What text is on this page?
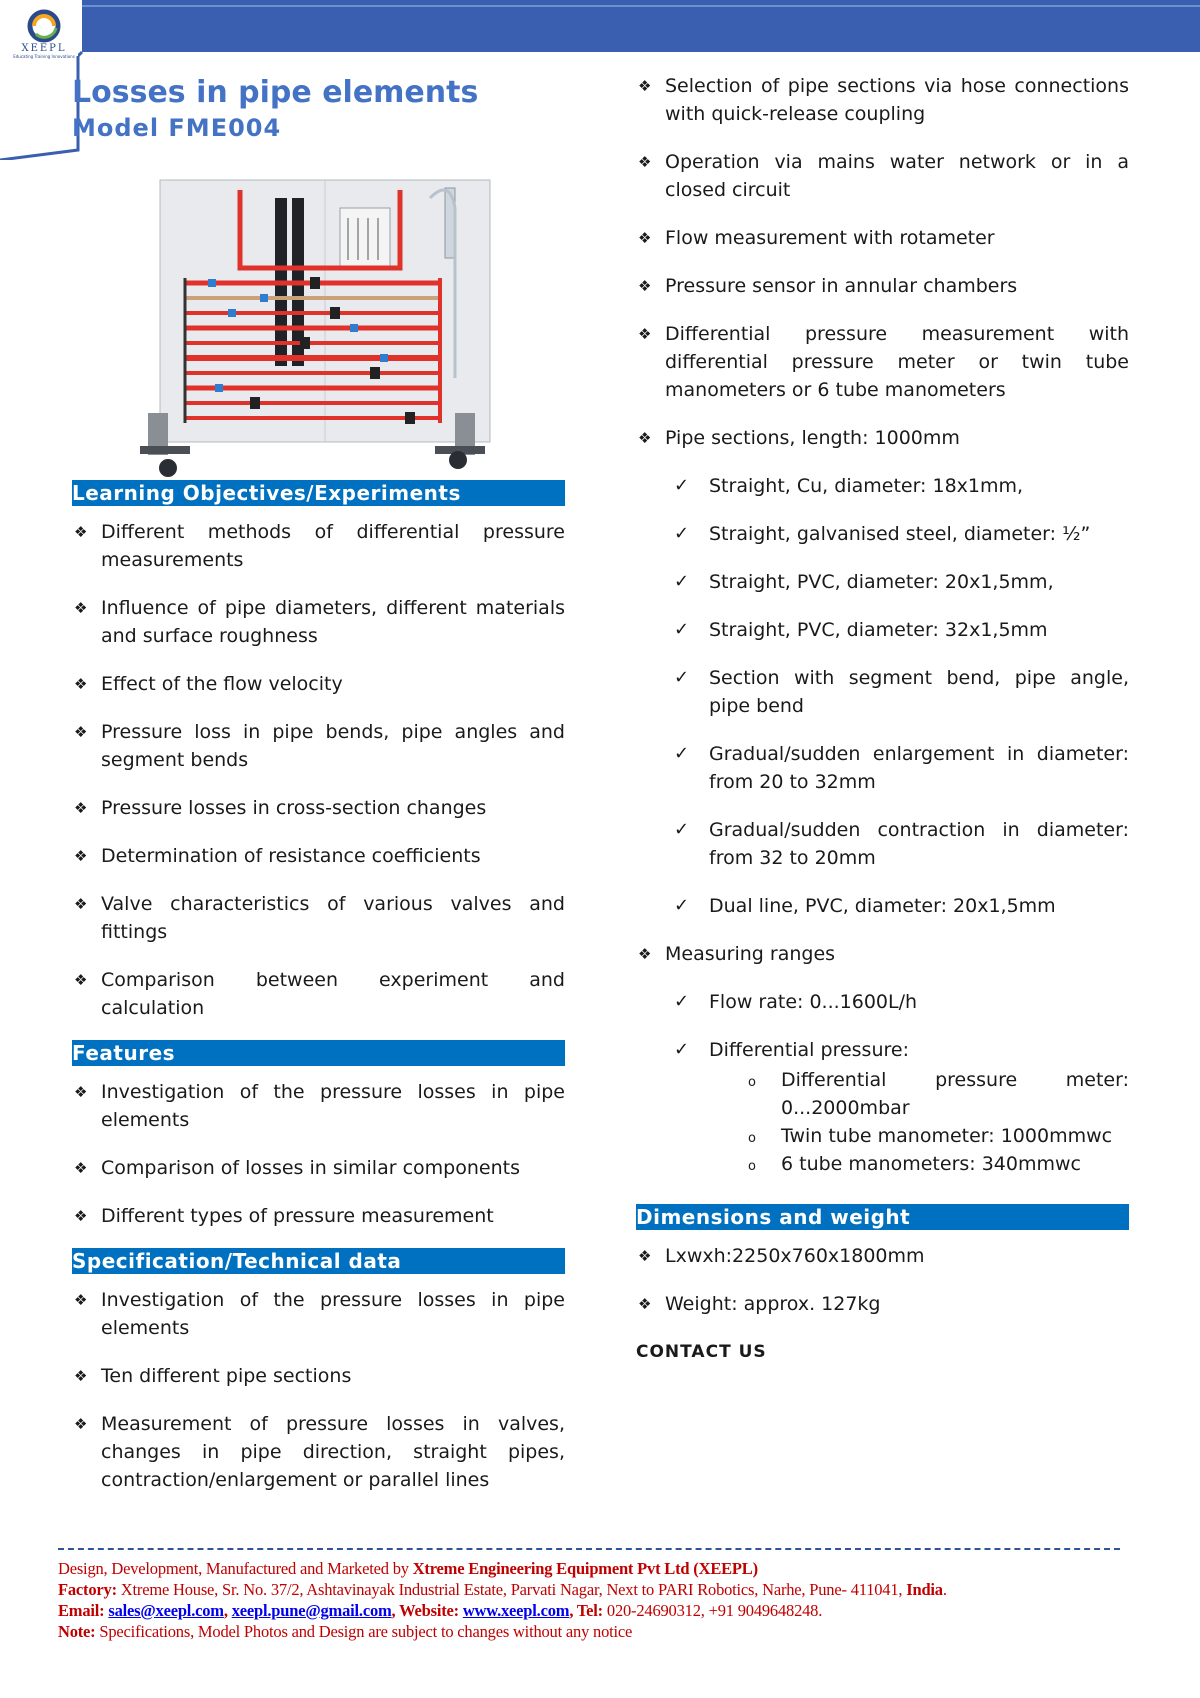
XEEPL
Educating Training Innovations
Losses in pipe elements
Model FME004
Learning Objectives/Experiments
❖ Different methods of differential pressure measurements
❖ Influence of pipe diameters, different materials and surface roughness
❖ Effect of the flow velocity
❖ Pressure loss in pipe bends, pipe angles and segment bends
❖ Pressure losses in cross-section changes
❖ Determination of resistance coefficients
❖ Valve characteristics of various valves and fittings
❖ Comparison between experiment and calculation
Features
❖ Investigation of the pressure losses in pipe elements
❖ Comparison of losses in similar components
❖ Different types of pressure measurement
Specification/Technical data
❖ Investigation of the pressure losses in pipe elements
❖ Ten different pipe sections
❖ Measurement of pressure losses in valves, changes in pipe direction, straight pipes, contraction/enlargement or parallel lines
❖ Selection of pipe sections via hose connections with quick-release coupling
❖ Operation via mains water network or in a closed circuit
❖ Flow measurement with rotameter
❖ Pressure sensor in annular chambers
❖ Differential pressure measurement with differential pressure meter or twin tube manometers or 6 tube manometers
❖ Pipe sections, length: 1000mm
✓ Straight, Cu, diameter: 18x1mm,
✓ Straight, galvanised steel, diameter: ½”
✓ Straight, PVC, diameter: 20x1,5mm,
✓ Straight, PVC, diameter: 32x1,5mm
✓ Section with segment bend, pipe angle, pipe bend
✓ Gradual/sudden enlargement in diameter: from 20 to 32mm
✓ Gradual/sudden contraction in diameter: from 32 to 20mm
✓ Dual line, PVC, diameter: 20x1,5mm
❖ Measuring ranges
✓ Flow rate: 0...1600L/h
✓ Differential pressure:
o Differential pressure meter: 0...2000mbar
o Twin tube manometer: 1000mmwc
o 6 tube manometers: 340mmwc
Dimensions and weight
❖ Lxwxh:2250x760x1800mm
❖ Weight: approx. 127kg
CONTACT US

Design, Development, Manufactured and Marketed by Xtreme Engineering Equipment Pvt Ltd (XEEPL)

Factory: Xtreme House, Sr. No. 37/2, Ashtavinayak Industrial Estate, Parvati Nagar, Next to PARI Robotics, Narhe, Pune- 411041, India.

Email: sales@xeepl.com, xeepl.pune@gmail.com, Website: www.xeepl.com, Tel: 020-24690312, +91 9049648248.

Note: Specifications, Model Photos and Design are subject to changes without any notice
